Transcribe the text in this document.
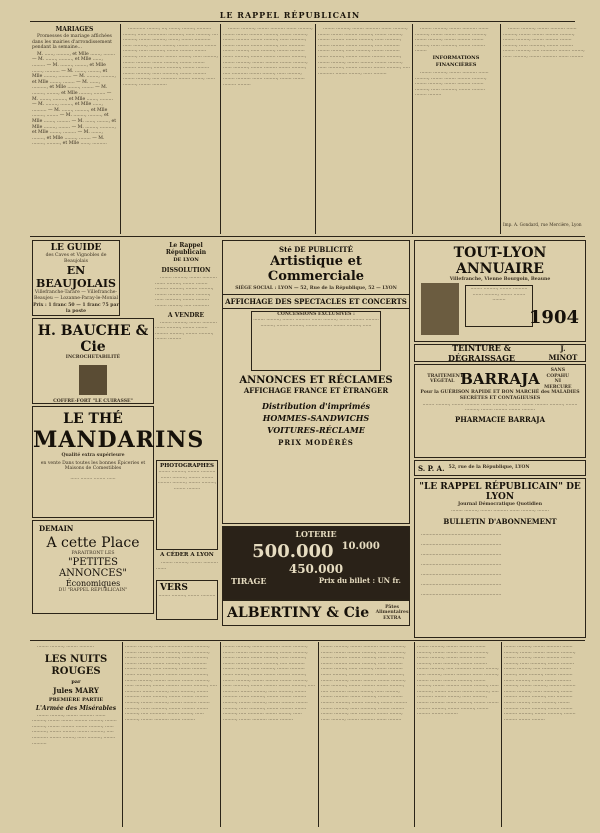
LE RAPPEL RÉPUBLICAIN

MARIAGES

Promesses de mariage affichées dans les mairies d'arrondissement pendant la semaine...

M. ......, ........., et Mlle ......., ........ — M. ......., ........., et Mlle ......, ......... — M. ........, ........, et Mlle ......., .......... — M. ......., ........, et Mlle ........, ......... — M. ........, ........., et Mlle ......., ........ — M. ......, .........., et Mlle ........, ........ — M. ........, ........, et Mlle ........, ........ — M. ......., ........., et Mlle ......., ......... — M. ........, ........, et Mlle ......, .......... — M. ......., ........., et Mlle ........, ........ — M. ........, ........., et Mlle ......., ......... — M. ......, ........, et Mlle ........, ........ — M. ........, .........., et Mlle ......., ......... — M. ......., ........, et Mlle ........, ........ — M. ........, ........., et Mlle ......, ..........

............ ........, ..., ......., ........, .......... ........, ...... ............. .........., ...... ........., .... ........., ........ ........., ......., ........ ........... ...... ........., ........ ........, ........ ......... ........ ........., ...... .........., ........ ......... ........ ........., ..... ........... ........ ........, ...... ........., ........ .......... ....... ........., ........ ........ ......... ........., ........ ........., ........ ......... ........ ........., ...... .........., ........ ......... ........ ........., ..... ........... ........ ........, ...... ........., ........ ..........

........ ........., ........ .......... ....... ........., ........ ........ ......... ........., ........ ........., ........ ......... ........ ........., ...... .........., ........ ......... ........ ........., ..... ........... ........ ........, ...... ........., ........ .......... ....... ........., ........ ........ ......... ........., ........ ........., ........ ......... ........ ........., ...... .........., ........ ......... ........ ........., ..... ........... ........ ........, ...... ........., ........ .......... ....... ........., ........ ........ ......... .........

........ ........., ........ .......... ....... ........., ........ ........ ......... ........., ........ ........., ........ ......... ........ ........., ...... .........., ........ ......... ........ ........., ..... ........... ........ ........, ...... ........., ........ .......... ....... ........., ........ ........ ......... ........., ........ ........., ........ ......... ........ ........., ...... .........., ........ ......... ........ ........., ..... ........... ........ ........, ...... .........

........ ........., ........ .......... ....... ........., ........ ........ ......... ........., ........ ........., ........ ......... ........ ........., ...... .........., ........ ......... ........

INFORMATIONS FINANCIÈRES

........ ........., ........ .......... ....... ........., ........ ........ ......... ........., ........ ........., ........ ......... ........ ........., ...... .........., ........ ......... ........ .........

........ ........., ........ .......... ....... ........., ........ ........ ......... ........., ........ ........., ........ ......... ........ ........., ...... .........., ........ ......... ........ ........., ..... ........... ........ ........, ...... ........., ........ .......... ....... .........

Imp. A. Gondard, rue Mercière, Lyon
LE GUIDE
des Caves et Vignobles de Beaujolais
EN BEAUJOLAIS
Villefranche-Tarare — Villefranche-Beaujeu — Lozanne-Paray-le-Monial
Prix : 1 franc 50 — 1 franc 75 par la poste
H. BAUCHE & Cie
INCROCHETABILITÉ
COFFRE-FORT "LE CUIRASSE"
LE THÉ
MANDARINS
Qualité extra supérieure
en vente Dans toutes les bonnes Épiceries et Maisons de Comestibles
...... ........ ........ ......
DEMAIN
A cette Place
PARAITRONT LES
"PETITES ANNONCES"
Économiques
DU "RAPPEL RÉPUBLICAIN"

Le Rappel Républicain

DE LYON

DISSOLUTION

........ ........., ........ .......... ....... ........., ........ ........ ......... ........., ........ ........., ........ ......... ........ ........., ...... .........., ........ ......... ........ ........., ..... ...........

A VENDRE

........ ........., ........ .......... ....... ........., ........ ........ ......... ........., ........ ........., ........ .........

PHOTOGRAPHES
........ ........., ........ .......... ....... ........., ........ ........ ......... ........., ........ ........., ........ .........

A CÉDER A LYON

........ ........., ........ .......... .......

VERS
........ ........., ........ ..........
Sté DE PUBLICITÉ
Artistique et Commerciale
SIÈGE SOCIAL : LYON — 52, Rue de la République, 52 — LYON
AFFICHAGE DES SPECTACLES ET CONCERTS
CONCESSIONS EXCLUSIVES :
........ ........., ........ .......... ....... ........., ........ ........ ......... ........., ........ ........., ........ ......... ........ ........., ......
ANNONCES ET RÉCLAMES
AFFICHAGE FRANCE ET ÉTRANGER
Distribution d'imprimés
HOMMES-SANDWICHS
VOITURES-RÉCLAME
PRIX MODÉRÉS
LOTERIE
500.000 10.000
450.000
TIRAGE	Prix du billet : UN fr.
ALBERTINY & Cie	Pâtes Alimentaires EXTRA
TOUT-LYON ANNUAIRE
Villefranche, Vienne Bourgoin, Beaune
........ ........., ........ .......... ....... ........., ........ ........ .........
1904
TEINTURE & DÉGRAISSAGE
J. MINOT
TRAITEMENT VÉGÉTAL BARRAJA	SANS COPAHU NI MERCURE
Pour la GUÉRISON RAPIDE ET BON MARCHÉ des MALADIES SECRÈTES ET CONTAGIEUSES
........ ........., ........ .......... ....... ........., ........ ........ ......... ........., ........ ........., ........ ......... ........ .........
PHARMACIE BARRAJA
S. P. A. 52, rue de la République, LYON
"LE RAPPEL RÉPUBLICAIN" DE LYON
Journal Démocratique Quotidien
........ ........., ........ .......... ....... ........., ........
BULLETIN D'ABONNEMENT
....................................................... ....................................................... ....................................................... ....................................................... ....................................................... ....................................................... .......................................................

........ ........., ........ ..........

LES NUITS ROUGES

par

Jules MARY

PREMIÈRE PARTIE

L'Armée des Misérables

........ ........., ........ .......... ....... ........., ........ ........ ......... ........., ........ ........., ........ ......... ........ ........., ...... .........., ........ ......... ........ ........., ..... ........... ........ ........, ...... ........., ........ ..........

........ ........., ........ .......... ....... ........., ........ ........ ......... ........., ........ ........., ........ ......... ........ ........., ...... .........., ........ ......... ........ ........., ..... ........... ........ ........, ...... ........., ........ .......... ....... ........., ........ ........ ......... ........., ........ ........., ........ ......... ........ ........., ...... .........., ........ ......... ........ ........., ..... ........... ........ ........, ...... ........., ........ .......... ....... ........., ........ ........ ......... ........., ........ ........., ........ ......... ........ ........., ...... .........., ........ ......... ........ ........., ..... ........... ........ ........, ...... ........., ........ .......... ....... .........
........ ........., ........ .......... ....... ........., ........ ........ ......... ........., ........ ........., ........ ......... ........ ........., ...... .........., ........ ......... ........ ........., ..... ........... ........ ........, ...... ........., ........ .......... ....... ........., ........ ........ ......... ........., ........ ........., ........ ......... ........ ........., ...... .........., ........ ......... ........ ........., ..... ........... ........ ........, ...... ........., ........ .......... ....... ........., ........ ........ ......... ........., ........ ........., ........ ......... ........ ........., ...... .........., ........ ......... ........ ........., ..... ........... ........ ........, ...... ........., ........ .......... ....... .........
........ ........., ........ .......... ....... ........., ........ ........ ......... ........., ........ ........., ........ ......... ........ ........., ...... .........., ........ ......... ........ ........., ..... ........... ........ ........, ...... ........., ........ .......... ....... ........., ........ ........ ......... ........., ........ ........., ........ ......... ........ ........., ...... .........., ........ ......... ........ ........., ..... ........... ........ ........, ...... ........., ........ .......... ....... ........., ........ ........ ......... ........., ........ ........., ........ ......... ........ ........., ...... .........., ........ ......... ........ ........., ..... ........... ........ ........, ...... ........., ........ .......... ....... .........
........ ........., ........ .......... ....... ........., ........ ........ ......... ........., ........ ........., ........ ......... ........ ........., ...... .........., ........ ......... ........ ........., ..... ........... ........ ........, ...... ........., ........ .......... ....... ........., ........ ........ ......... ........., ........ ........., ........ ......... ........ ........., ...... .........., ........ ......... ........ ........., ..... ........... ........ ........, ...... ........., ........ .......... ....... ........., ........ ........ ......... ........., ........ ........., ........ ......... ........ .........
........ ........., ........ .......... ....... ........., ........ ........ ......... ........., ........ ........., ........ ......... ........ ........., ...... .........., ........ ......... ........ ........., ..... ........... ........ ........, ...... ........., ........ .......... ....... ........., ........ ........ ......... ........., ........ ........., ........ ......... ........ ........., ...... .........., ........ ......... ........ ........., ..... ........... ........ ........, ...... ........., ........ .......... ....... ........., ........ ........ ......... ........., ........ ........., ........ ......... ........ .........
